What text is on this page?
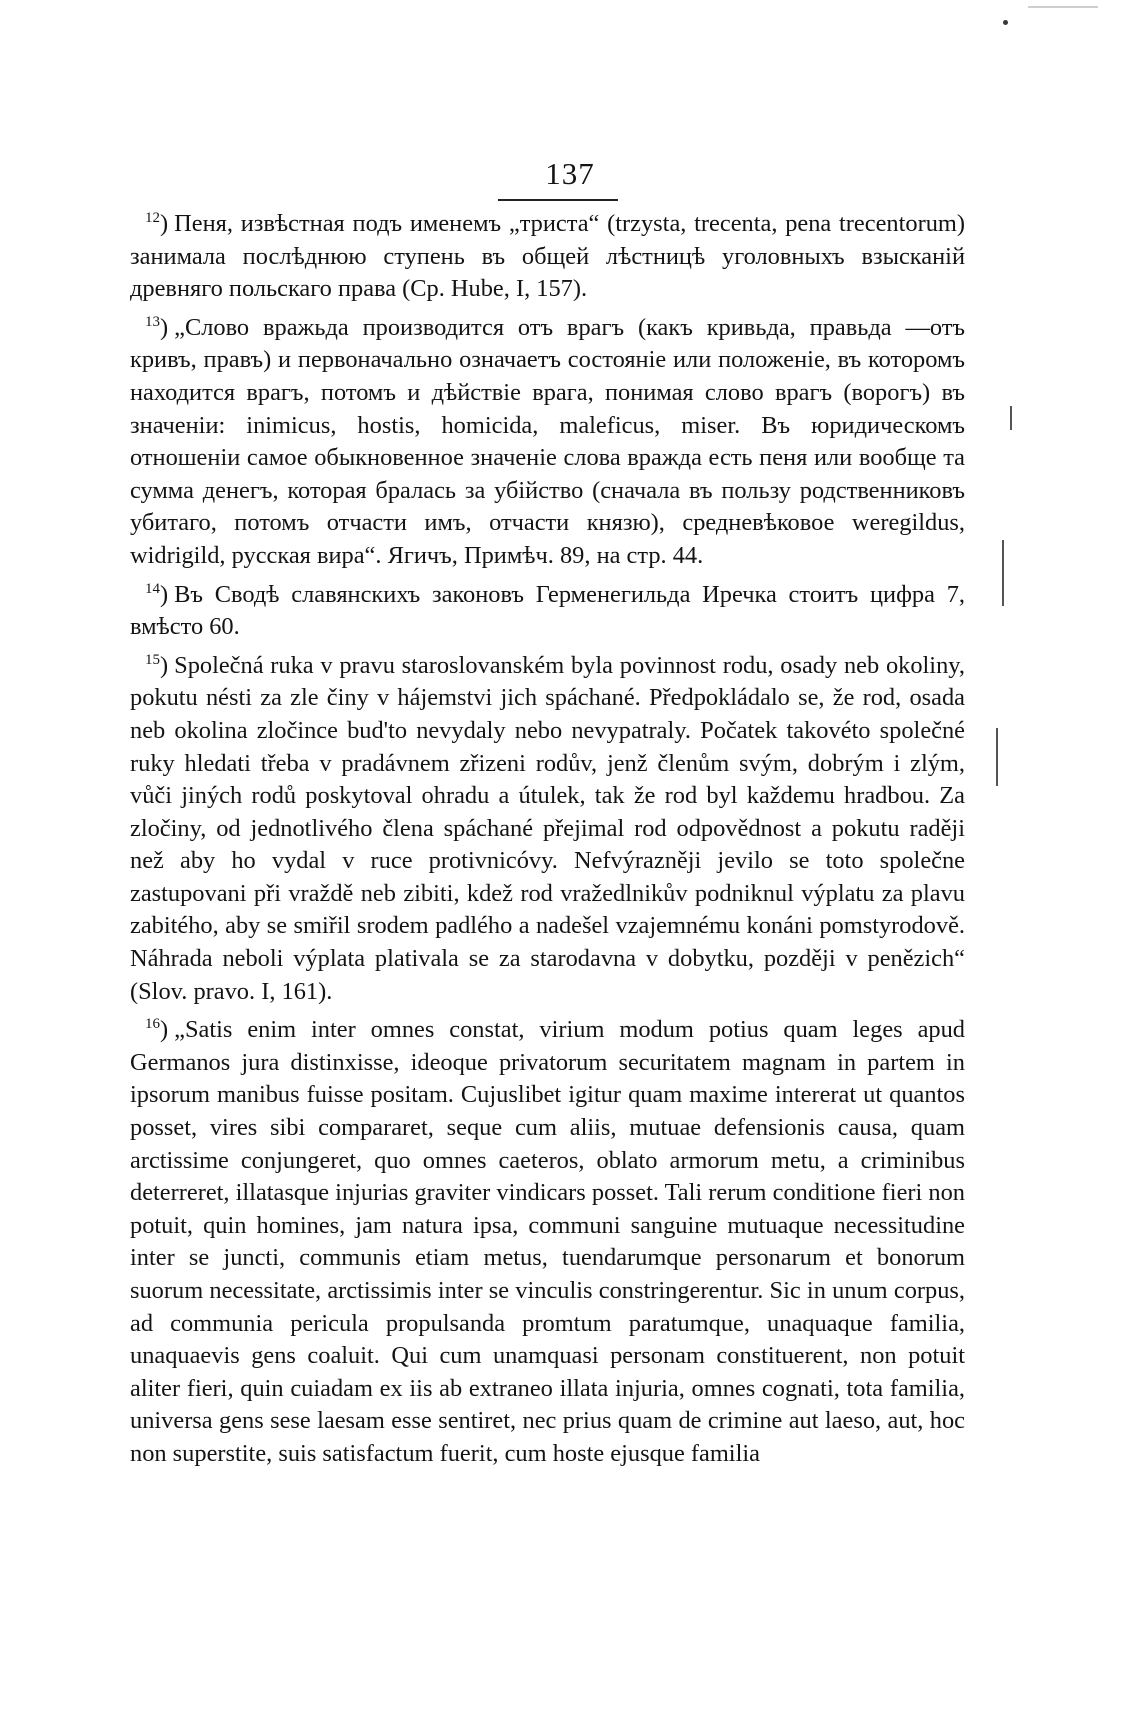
137

$^{12}$) Пеня, извѣстная подъ именемъ „триста“ (trzysta, trecenta, pena trecentorum) занимала послѣднюю ступень въ общей лѣстницѣ уголовныхъ взысканій древняго польскаго права (Ср. Hube, I, 157).

$^{13}$) „Слово вражьда производится отъ врагъ (какъ кривьда, правьда —отъ кривъ, правъ) и первоначально означаетъ состояніе или положеніе, въ которомъ находится врагъ, потомъ и дѣйствіе врага, понимая слово врагъ (ворогъ) въ значеніи: inimicus, hostis, homicida, maleficus, miser. Въ юридическомъ отношеніи самое обыкновенное значеніе слова вражда есть пеня или вообще та сумма денегъ, которая бралась за убійство (сначала въ пользу родственниковъ убитаго, потомъ отчасти имъ, отчасти князю), средневѣковое weregildus, widrigild, русская вира“. Ягичъ, Примѣч. 89, на стр. 44.

$^{14}$) Въ Сводѣ славянскихъ законовъ Герменегильда Иречка стоитъ цифра 7, вмѣсто 60.

$^{15}$) Společná ruka v pravu staroslovanském byla povinnost rodu, osady neb okoliny, pokutu nésti za zle činy v hájemstvi jich spáchané. Předpokládalo se, že rod, osada neb okolina zločince bud'to nevydaly nebo nevypatraly. Počatek takovéto společné ruky hledati třeba v pradávnem zřizeni rodův, jenž členům svým, dobrým i zlým, vůči jiných rodů poskytoval ohradu a útulek, tak že rod byl každemu hradbou. Za zločiny, od jednotlivého člena spáchané přejimal rod odpovědnost a pokutu raději než aby ho vydal v ruce protivnicóvy. Nefvýrazněji jevilo se toto společne zastupovani při vraždě neb zibiti, kdež rod vražedlnikův podniknul výplatu za plavu zabitého, aby se smiřil srodem padlého a nadešel vzajemnému konáni pomstyrodově. Náhrada neboli výplata plativala se za starodavna v dobytku, později v penězich“ (Slov. pravo. I, 161).

$^{16}$) „Satis enim inter omnes constat, virium modum potius quam leges apud Germanos jura distinxisse, ideoque privatorum securitatem magnam in partem in ipsorum manibus fuisse positam. Cujuslibet igitur quam maxime intererat ut quantos posset, vires sibi compararet, seque cum aliis, mutuae defensionis causa, quam arctissime conjungeret, quo omnes caeteros, oblato armorum metu, a criminibus deterreret, illatasque injurias graviter vindicars posset. Tali rerum conditione fieri non potuit, quin homines, jam natura ipsa, communi sanguine mutuaque necessitudine inter se juncti, communis etiam metus, tuendarumque personarum et bonorum suorum necessitate, arctissimis inter se vinculis constringerentur. Sic in unum corpus, ad communia pericula propulsanda promtum paratumque, unaquaque familia, unaquaevis gens coaluit. Qui cum unamquasi personam constituerent, non potuit aliter fieri, quin cuiadam ex iis ab extraneo illata injuria, omnes cognati, tota familia, universa gens sese laesam esse sentiret, nec prius quam de crimine aut laeso, aut, hoc non superstite, suis satisfactum fuerit, cum hoste ejusque familia
